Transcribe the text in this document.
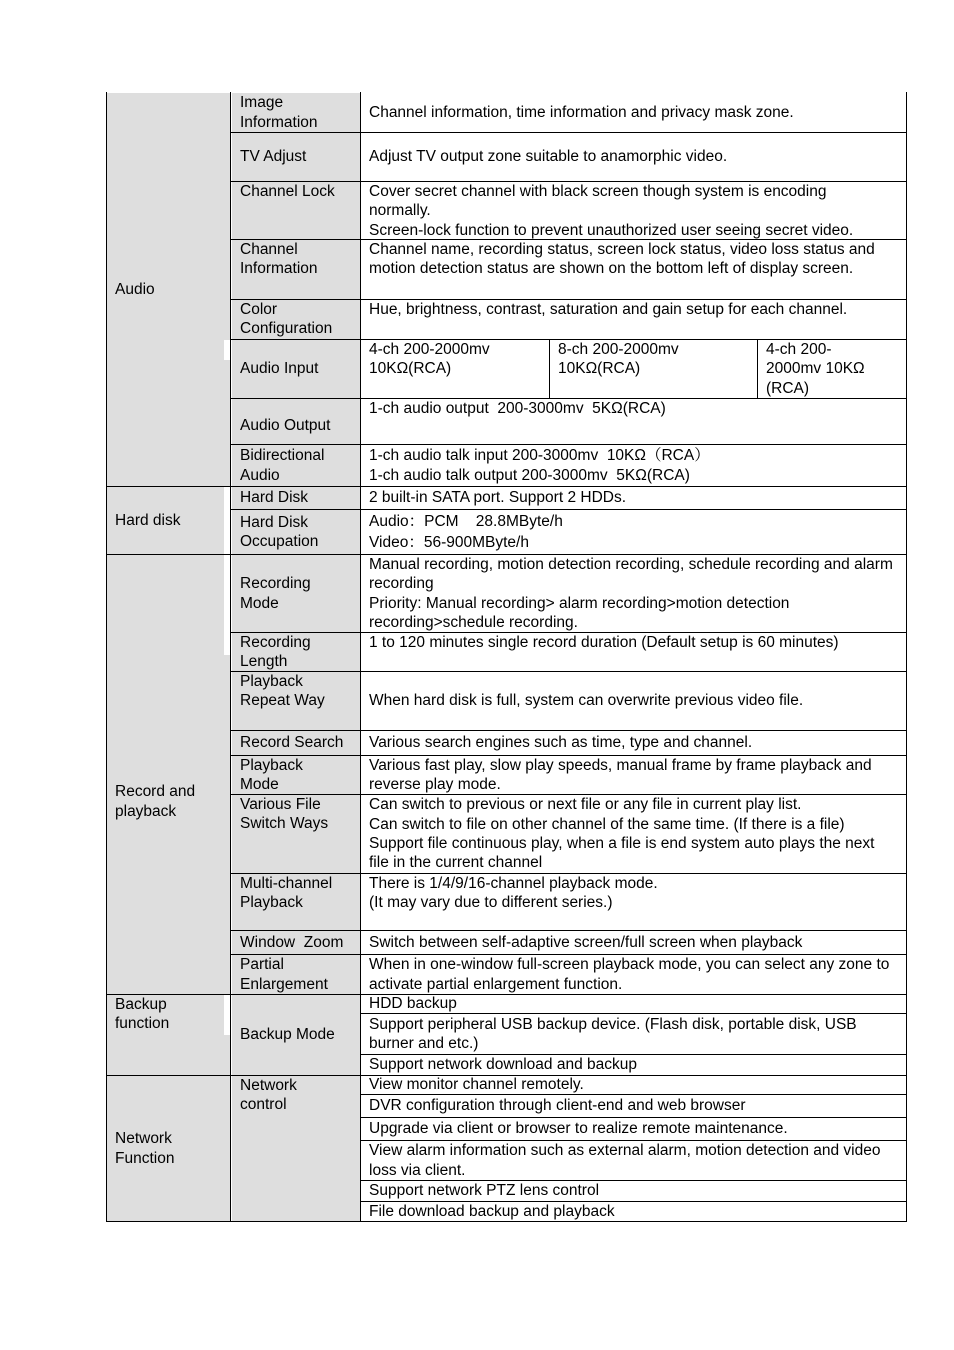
Audio
Hard disk
Record and playback
Backup function
Network Function
Image Information
TV Adjust
Channel Lock
Channel Information
Color Configuration
Audio Input
Audio Output
Bidirectional Audio
Hard Disk
Hard Disk Occupation
Recording Mode
Recording Length
Playback Repeat Way
Record Search
Playback Mode
Various File Switch Ways
Multi-channel Playback
Window  Zoom
Partial Enlargement
Backup Mode
Network control
Channel information, time information and privacy mask zone.
Adjust TV output zone suitable to anamorphic video.
Cover secret channel with black screen though system is encoding normally.
Screen-lock function to prevent unauthorized user seeing secret video.
Channel name, recording status, screen lock status, video loss status and motion detection status are shown on the bottom left of display screen.
Hue, brightness, contrast, saturation and gain setup for each channel.
4-ch 200-2000mv 10KΩ(RCA)
8-ch 200-2000mv 10KΩ(RCA)
4-ch 200-2000mv 10KΩ (RCA)
1-ch audio output  200-3000mv  5KΩ(RCA)
1-ch audio talk input 200-3000mv  10KΩ（RCA）
1-ch audio talk output 200-3000mv  5KΩ(RCA)
2 built-in SATA port. Support 2 HDDs.
Audio：PCM    28.8MByte/h
Video：56-900MByte/h
Manual recording, motion detection recording, schedule recording and alarm recording
Priority: Manual recording> alarm recording>motion detection recording>schedule recording.
1 to 120 minutes single record duration (Default setup is 60 minutes)
When hard disk is full, system can overwrite previous video file.
Various search engines such as time, type and channel.
Various fast play, slow play speeds, manual frame by frame playback and reverse play mode.
Can switch to previous or next file or any file in current play list.
Can switch to file on other channel of the same time. (If there is a file)
Support file continuous play, when a file is end system auto plays the next file in the current channel
There is 1/4/9/16-channel playback mode.
(It may vary due to different series.)
Switch between self-adaptive screen/full screen when playback
When in one-window full-screen playback mode, you can select any zone to activate partial enlargement function.
HDD backup
Support peripheral USB backup device. (Flash disk, portable disk, USB burner and etc.)
Support network download and backup
View monitor channel remotely.
DVR configuration through client-end and web browser
Upgrade via client or browser to realize remote maintenance.
View alarm information such as external alarm, motion detection and video loss via client.
Support network PTZ lens control
File download backup and playback
